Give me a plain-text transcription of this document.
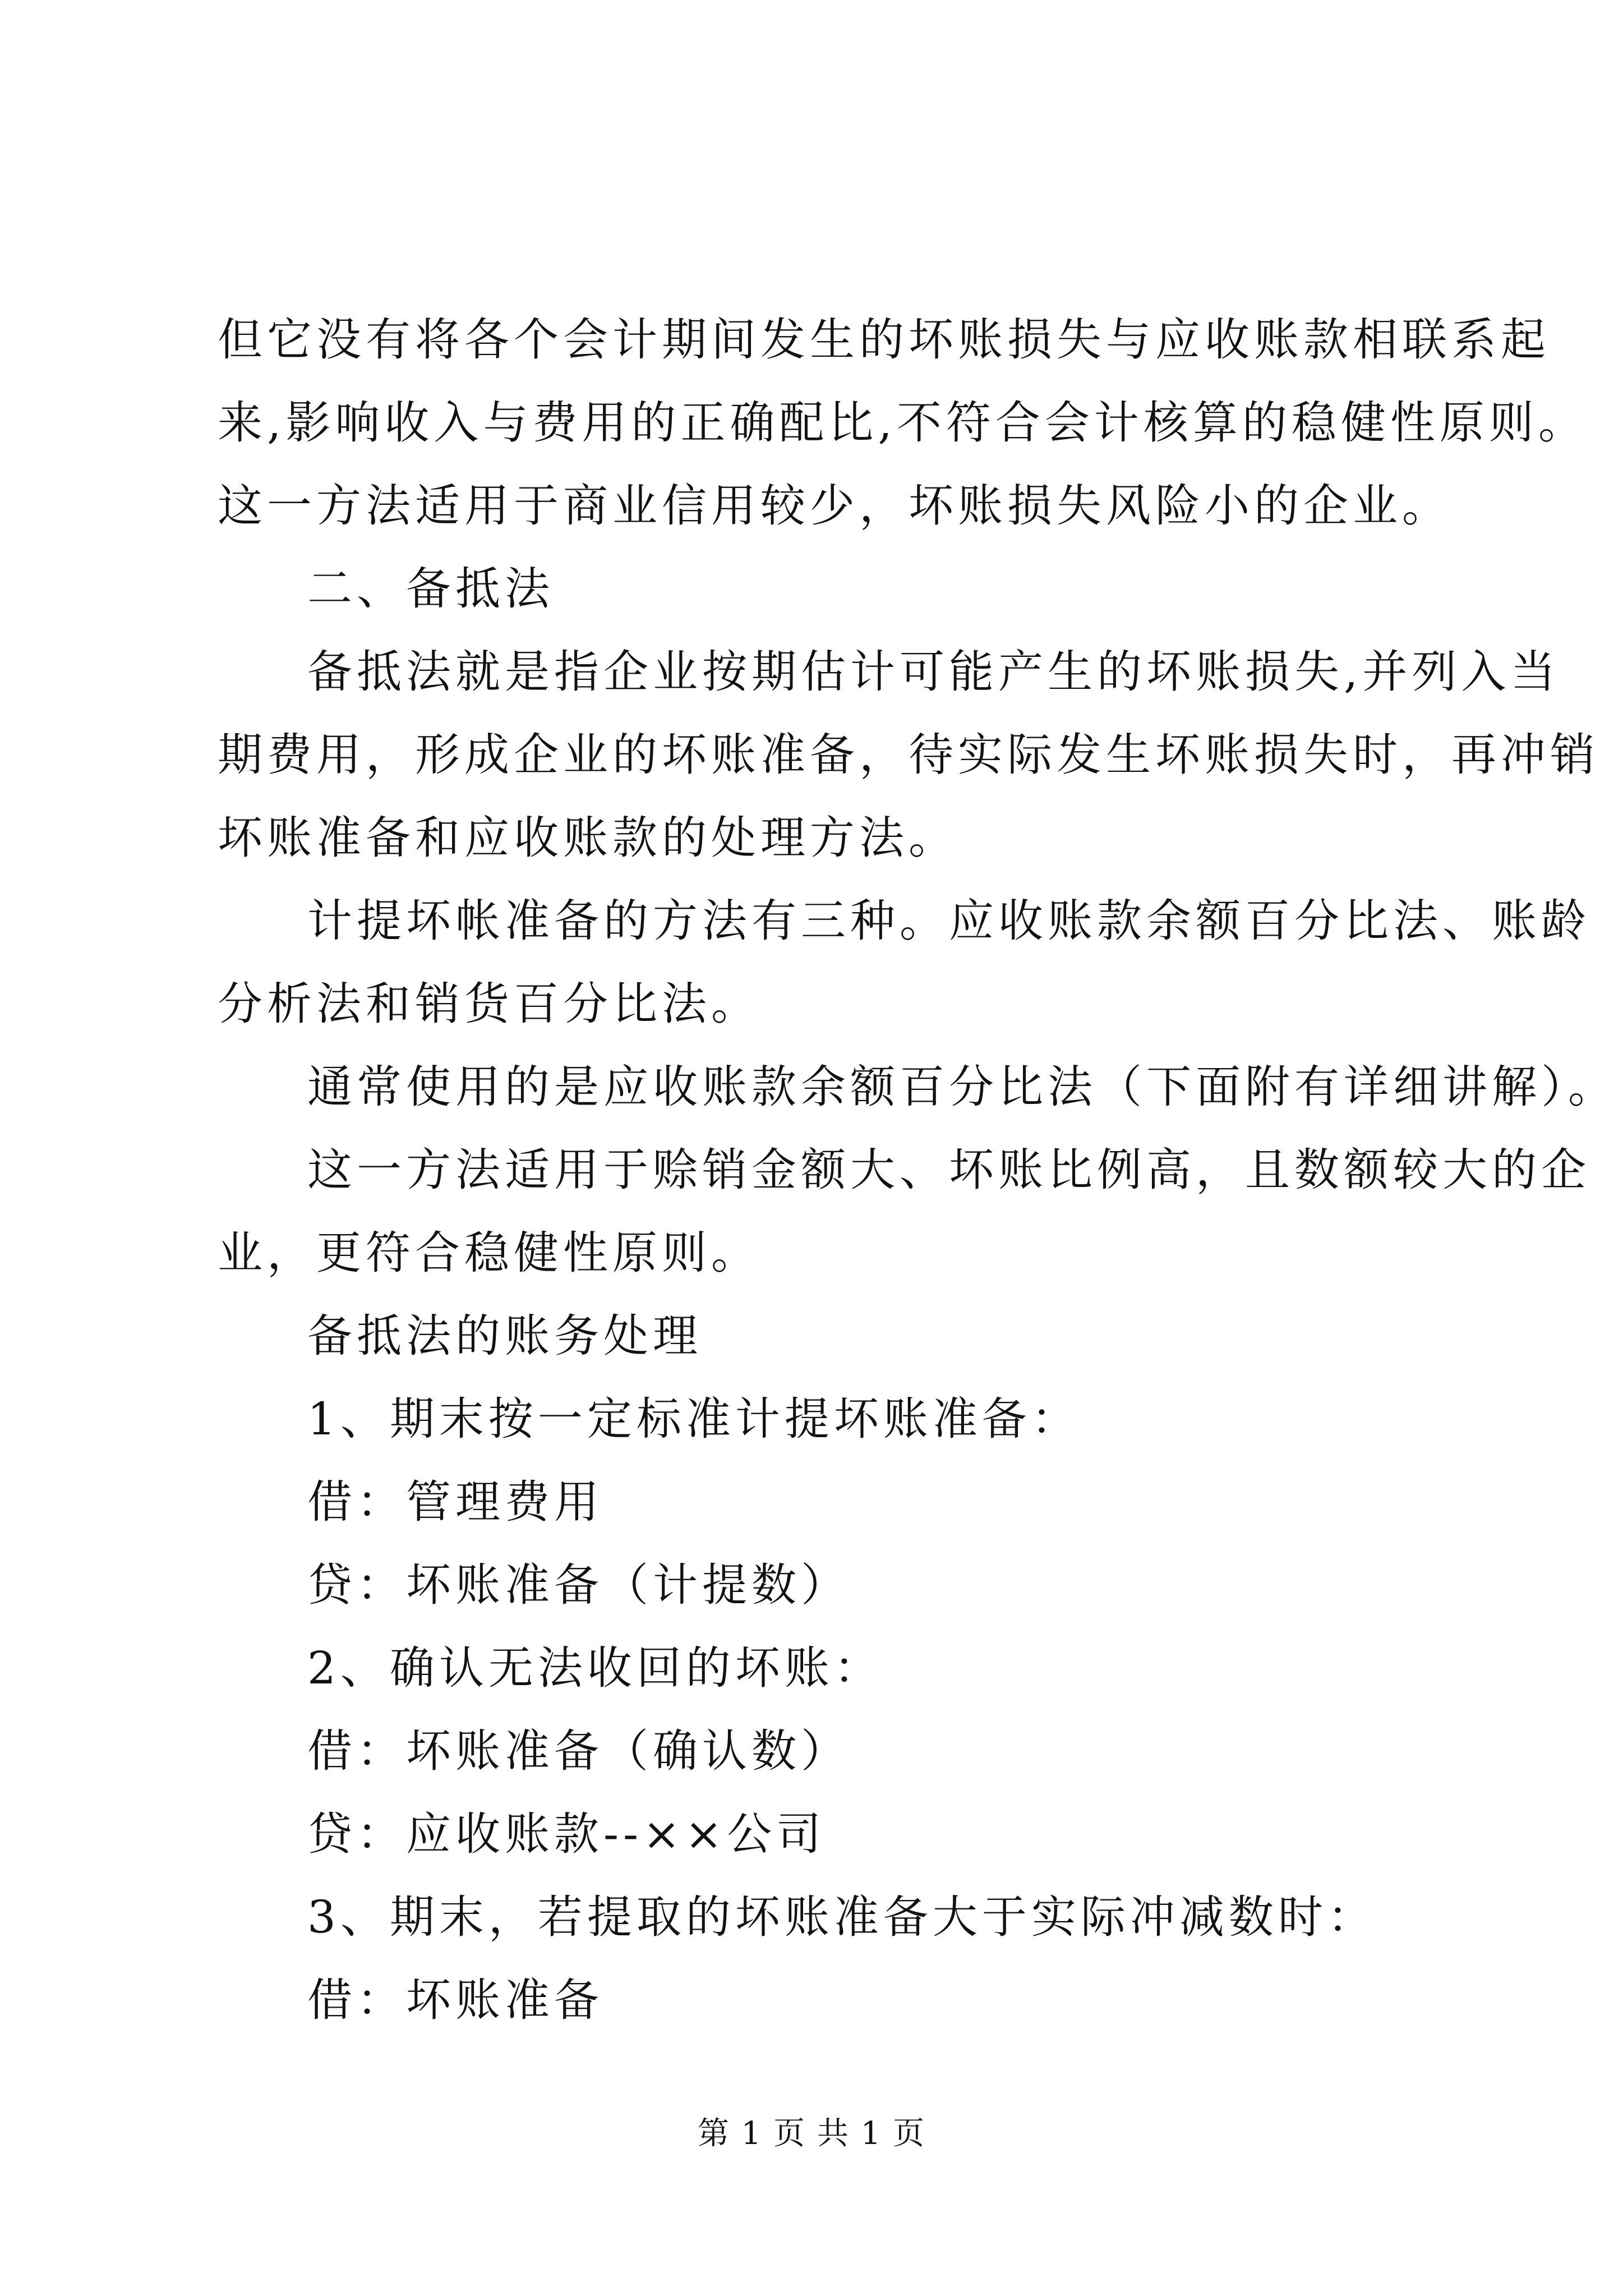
但它没有将各个会计期间发生的坏账损失与应收账款相联系起
来,影响收入与费用的正确配比,不符合会计核算的稳健性原则。
这一方法适用于商业信用较少，坏账损失风险小的企业。
二、备抵法
备抵法就是指企业按期估计可能产生的坏账损失,并列入当
期费用，形成企业的坏账准备，待实际发生坏账损失时，再冲销
坏账准备和应收账款的处理方法。
计提坏帐准备的方法有三种。应收账款余额百分比法、账龄
分析法和销货百分比法。
通常使用的是应收账款余额百分比法（下面附有详细讲解）。
这一方法适用于赊销金额大、坏账比例高，且数额较大的企
业，更符合稳健性原则。
备抵法的账务处理
1、期末按一定标准计提坏账准备：
借：管理费用
贷：坏账准备（计提数）
2、确认无法收回的坏账：
借：坏账准备（确认数）
贷：应收账款--××公司
3、期末，若提取的坏账准备大于实际冲减数时：
借：坏账准备
第 1 页 共 1 页
